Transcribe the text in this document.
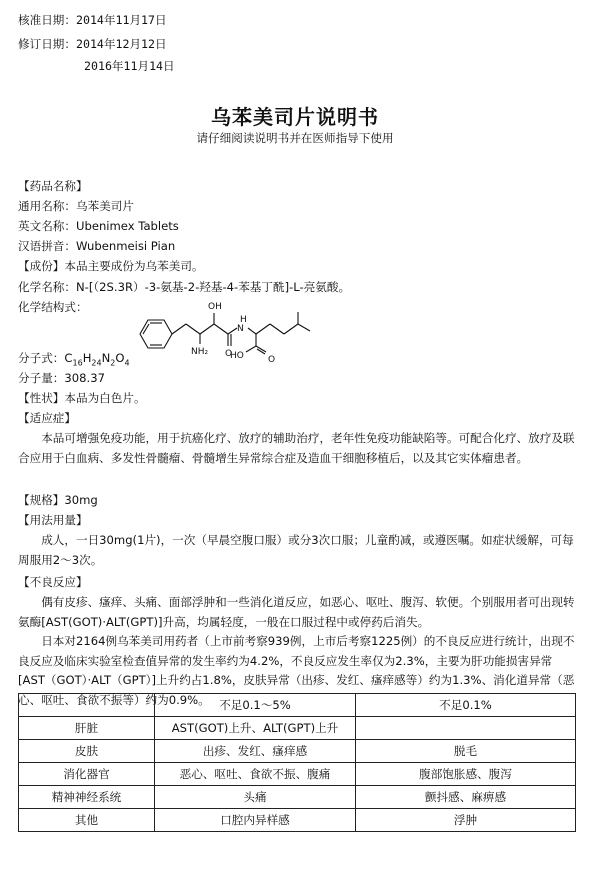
核准日期：2014年11月17日
修订日期：2014年12月12日
2016年11月14日
乌苯美司片说明书
请仔细阅读说明书并在医师指导下使用
【药品名称】
通用名称：乌苯美司片
英文名称：Ubenimex Tablets
汉语拼音：Wubenmeisi Pian
【成份】本品主要成份为乌苯美司。
化学名称：N-[（2S.3R）-3-氨基-2-羟基-4-苯基丁酰]-L-亮氨酸。
化学结构式：	OH
N
H
NH₂ O
O
HO
分子式：$C_{16}H_{24}N_2O_4$
分子量：308.37
【性状】本品为白色片。
【适应症】

本品可增强免疫功能，用于抗癌化疗、放疗的辅助治疗，老年性免疫功能缺陷等。可配合化疗、放疗及联合应用于白血病、多发性骨髓瘤、骨髓增生异常综合症及造血干细胞移植后，以及其它实体瘤患者。

【规格】30mg
【用法用量】

成人，一日30mg(1片)，一次（早晨空腹口服）或分3次口服；儿童酌减，或遵医嘱。如症状缓解，可每周服用2～3次。

【不良反应】

偶有皮疹、瘙痒、头痛、面部浮肿和一些消化道反应，如恶心、呕吐、腹泻、软便。个别服用者可出现转氨酶[AST(GOT)·ALT(GPT)]升高，均属轻度，一般在口服过程中或停药后消失。

日本对2164例乌苯美司用药者（上市前考察939例，上市后考察1225例）的不良反应进行统计，出现不良反应及临床实验室检查值异常的发生率约为4.2%，不良反应发生率仅为2.3%，主要为肝功能损害异常[AST（GOT）·ALT（GPT）]上升约占1.8%，皮肤异常（出疹、发红、瘙痒感等）约为1.3%、消化道异常（恶心、呕吐、食欲不振等）约为0.9%。

	不足0.1～5%	不足0.1%
肝脏	AST(GOT)上升、ALT(GPT)上升	
皮肤	出疹、发红、瘙痒感	脱毛
消化器官	恶心、呕吐、食欲不振、腹痛	腹部饱胀感、腹泻
精神神经系统	头痛	颤抖感、麻痹感
其他	口腔内异样感	浮肿
